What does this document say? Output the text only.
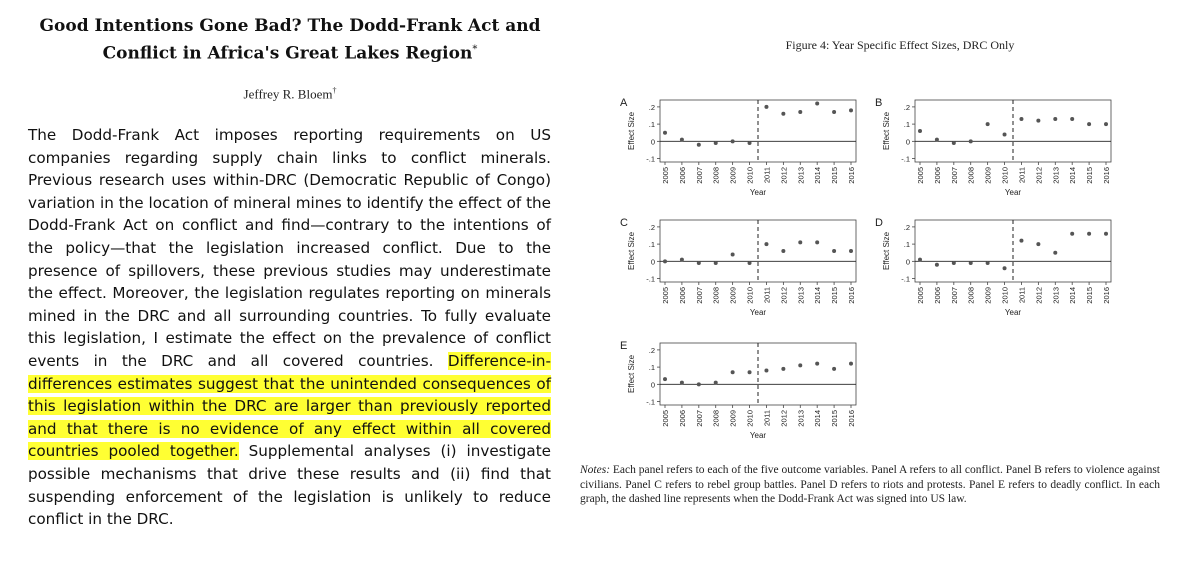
Good Intentions Gone Bad? The Dodd-Frank Act and
Conflict in Africa's Great Lakes Region*
Jeffrey R. Bloem†
The Dodd-Frank Act imposes reporting requirements on US companies regarding supply chain links to conflict minerals. Previous research uses within-DRC (Democratic Republic of Congo) variation in the location of mineral mines to identify the effect of the Dodd-Frank Act on conflict and find—contrary to the intentions of the policy—that the legislation increased conflict. Due to the presence of spillovers, these previous studies may underestimate the effect. Moreover, the legislation regulates reporting on minerals mined in the DRC and all surrounding countries. To fully evaluate this legislation, I estimate the effect on the prevalence of conflict events in the DRC and all covered countries. Difference-in-differences estimates suggest that the unintended consequences of this legislation within the DRC are larger than previously reported and that there is no evidence of any effect within all covered countries pooled together. Supplemental analyses (i) investigate possible mechanisms that drive these results and (ii) find that suspending enforcement of the legislation is unlikely to reduce conflict in the DRC.
Figure 4: Year Specific Effect Sizes, DRC Only
A
-.1
0
.1
.2
Effect Size
2005 2006 2007 2008 2009 2010 2011 2012 2013 2014 2015 2016
Year
B
-.1
0
.1
.2
Effect Size
2005 2006 2007 2008 2009 2010 2011 2012 2013 2014 2015 2016
Year
C
-.1
0
.1
.2
Effect Size
2005 2006 2007 2008 2009 2010 2011 2012 2013 2014 2015 2016
Year
D
-.1
0
.1
.2
Effect Size
2005 2006 2007 2008 2009 2010 2011 2012 2013 2014 2015 2016
Year
E
-.1
0
.1
.2
Effect Size
2005 2006 2007 2008 2009 2010 2011 2012 2013 2014 2015 2016
Year
Notes: Each panel refers to each of the five outcome variables. Panel A refers to all conflict. Panel B refers to violence against civilians. Panel C refers to rebel group battles. Panel D refers to riots and protests. Panel E refers to deadly conflict. In each graph, the dashed line represents when the Dodd-Frank Act was signed into US law.
